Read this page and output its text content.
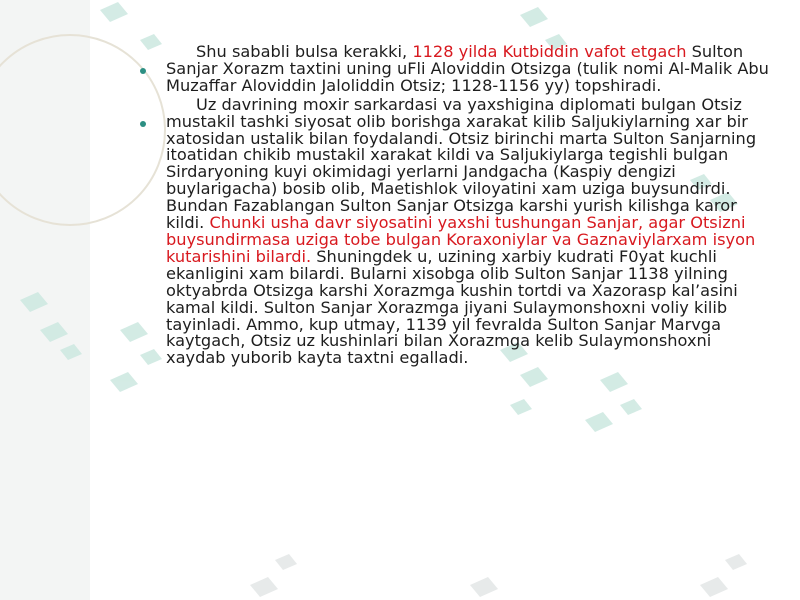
Shu sababli bulsa kerakki, 1128 yilda Kutbiddin vafot etgach Sulton Sanjar Xorazm taxtini uning uFli Aloviddin Otsizga (tulik nomi Al-Malik Abu Muzaffar Aloviddin Jaloliddin Otsiz; 1128-1156 yy) topshiradi.

Uz davrining moxir sarkardasi va yaxshigina diplomati bulgan Otsiz mustakil tashki siyosat olib borishga xarakat kilib Saljukiylarning xar bir xatosidan ustalik bilan foydalandi. Otsiz birinchi marta Sulton Sanjarning itoatidan chikib mustakil xarakat kildi va Saljukiylarga tegishli bulgan Sirdaryoning kuyi okimidagi yerlarni Jandgacha (Kaspiy dengizi buylarigacha) bosib olib, Maetishlok viloyatini xam uziga buysundirdi. Bundan Fazablangan Sulton Sanjar Otsizga karshi yurish kilishga karor kildi. Chunki usha davr siyosatini yaxshi tushungan Sanjar, agar Otsizni buysundirmasa uziga tobe bulgan Koraxoniylar va Gaznaviylarxam isyon kutarishini bilardi. Shuningdek u, uzining xarbiy kudrati F0yat kuchli ekanligini xam bilardi. Bularni xisobga olib Sulton Sanjar 1138 yilning oktyabrda Otsizga karshi Xorazmga kushin tortdi va Xazorasp kal’asini kamal kildi. Sulton Sanjar Xorazmga jiyani Sulaymonshoxni voliy kilib tayinladi. Ammo, kup utmay, 1139 yil fevralda Sulton Sanjar Marvga kaytgach, Otsiz uz kushinlari bilan Xorazmga kelib Sulaymonshoxni xaydab yuborib kayta taxtni egalladi.
